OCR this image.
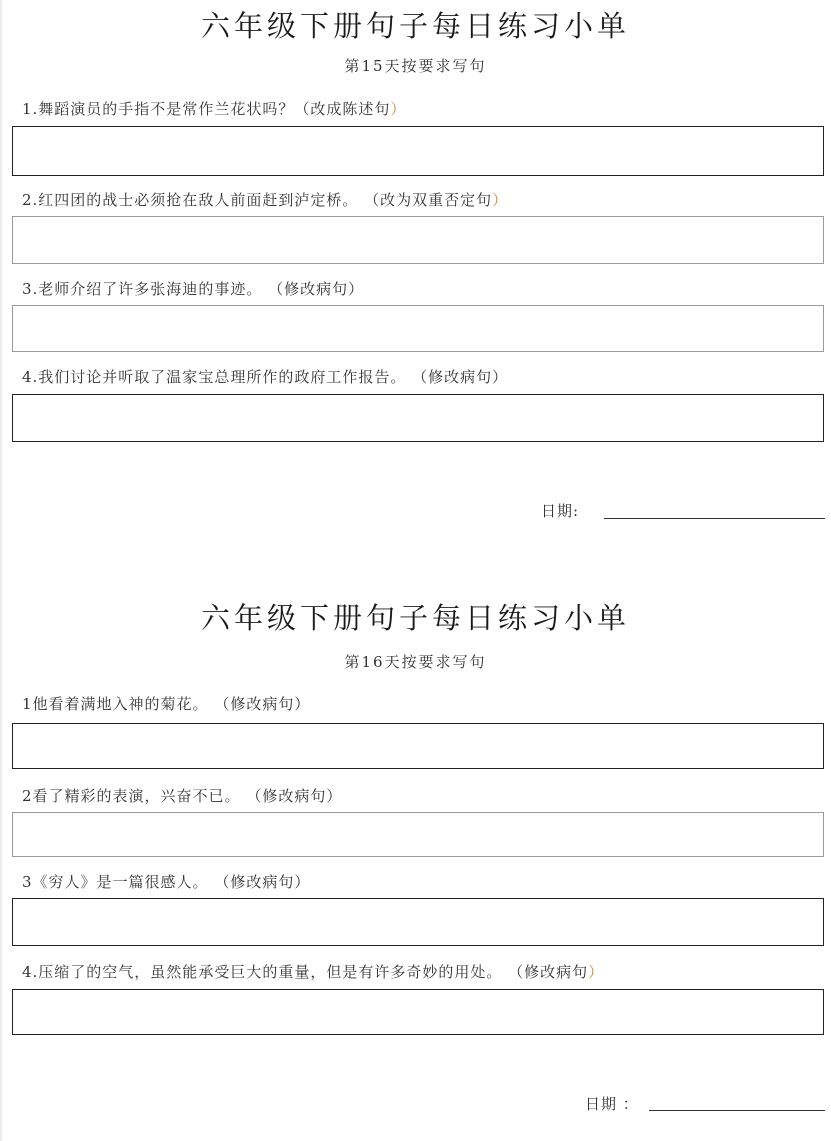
六年级下册句子每日练习小单
第15天按要求写句
1.舞蹈演员的手指不是常作兰花状吗？（改成陈述句）
2.红四团的战士必须抢在敌人前面赶到泸定桥。 （改为双重否定句）
3.老师介绍了许多张海迪的事迹。 （修改病句）
4.我们讨论并听取了温家宝总理所作的政府工作报告。 （修改病句）
日期:
六年级下册句子每日练习小单
第16天按要求写句
1他看着满地入神的菊花。 （修改病句）
2看了精彩的表演，兴奋不已。 （修改病句）
3《穷人》是一篇很感人。 （修改病句）
4.压缩了的空气，虽然能承受巨大的重量，但是有许多奇妙的用处。 （修改病句）
日期 ：
